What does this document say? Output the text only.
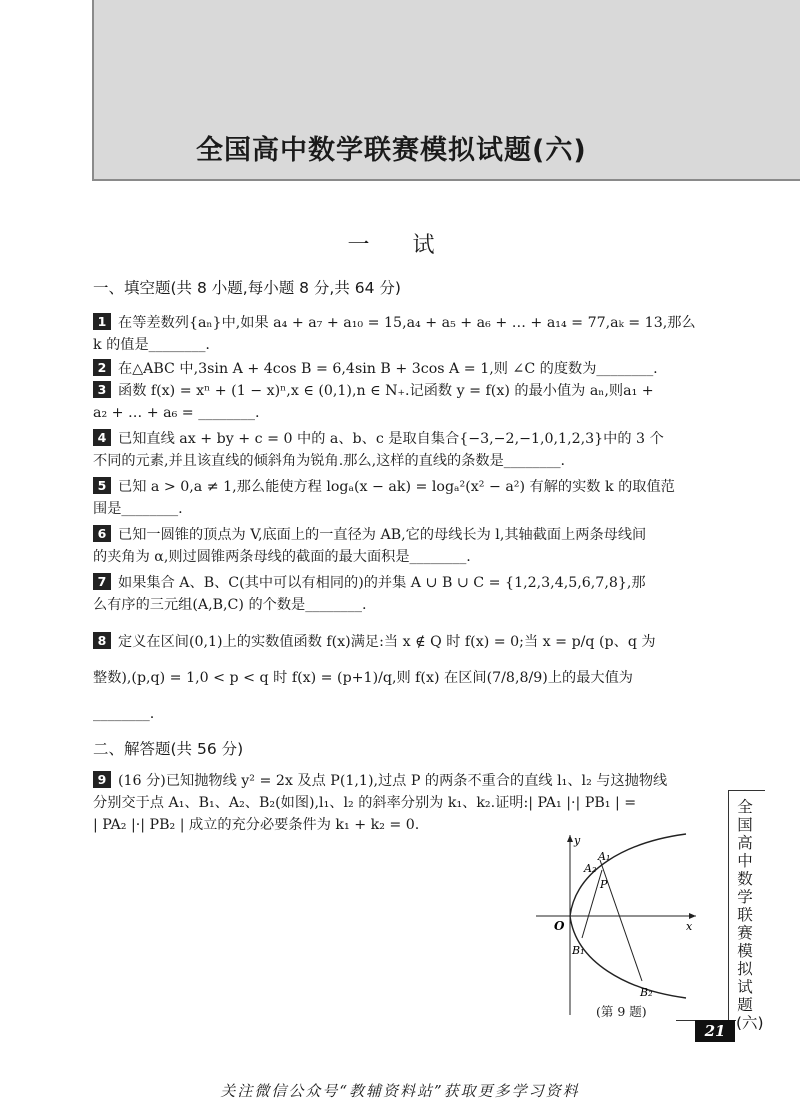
全国高中数学联赛模拟试题(六)
一 试
一、填空题(共 8 小题,每小题 8 分,共 64 分)
1 在等差数列{aₙ}中,如果 a₄ + a₇ + a₁₀ = 15,a₄ + a₅ + a₆ + … + a₁₄ = 77,aₖ = 13,那么
k 的值是________.
2 在△ABC 中,3sin A + 4cos B = 6,4sin B + 3cos A = 1,则 ∠C 的度数为________.
3 函数 f(x) = xⁿ + (1 − x)ⁿ,x ∈ (0,1),n ∈ N₊.记函数 y = f(x) 的最小值为 aₙ,则a₁ +
a₂ + … + a₆ = ________.
4 已知直线 ax + by + c = 0 中的 a、b、c 是取自集合{−3,−2,−1,0,1,2,3}中的 3 个
不同的元素,并且该直线的倾斜角为锐角.那么,这样的直线的条数是________.
5 已知 a > 0,a ≠ 1,那么能使方程 logₐ(x − ak) = logₐ²(x² − a²) 有解的实数 k 的取值范
围是________.
6 已知一圆锥的顶点为 V,底面上的一直径为 AB,它的母线长为 l,其轴截面上两条母线间
的夹角为 α,则过圆锥两条母线的截面的最大面积是________.
7 如果集合 A、B、C(其中可以有相同的)的并集 A ∪ B ∪ C = {1,2,3,4,5,6,7,8},那
么有序的三元组(A,B,C) 的个数是________.
8 定义在区间(0,1)上的实数值函数 f(x)满足:当 x ∉ Q 时 f(x) = 0;当 x = p/q (p、q 为
整数),(p,q) = 1,0 < p < q 时 f(x) = (p+1)/q,则 f(x) 在区间(7/8,8/9)上的最大值为
________.
二、解答题(共 56 分)
9 (16 分)已知抛物线 y² = 2x 及点 P(1,1),过点 P 的两条不重合的直线 l₁、l₂ 与这抛物线
分别交于点 A₁、B₁、A₂、B₂(如图),l₁、l₂ 的斜率分别为 k₁、k₂.证明:| PA₁ |·| PB₁ | =
| PA₂ |·| PB₂ | 成立的充分必要条件为 k₁ + k₂ = 0.
y
x
O
P
A₁
A₂
B₁
B₂
(第 9 题)
全国高中数学联赛模拟试题(六)
21
关注微信公众号“教辅资料站”获取更多学习资料
